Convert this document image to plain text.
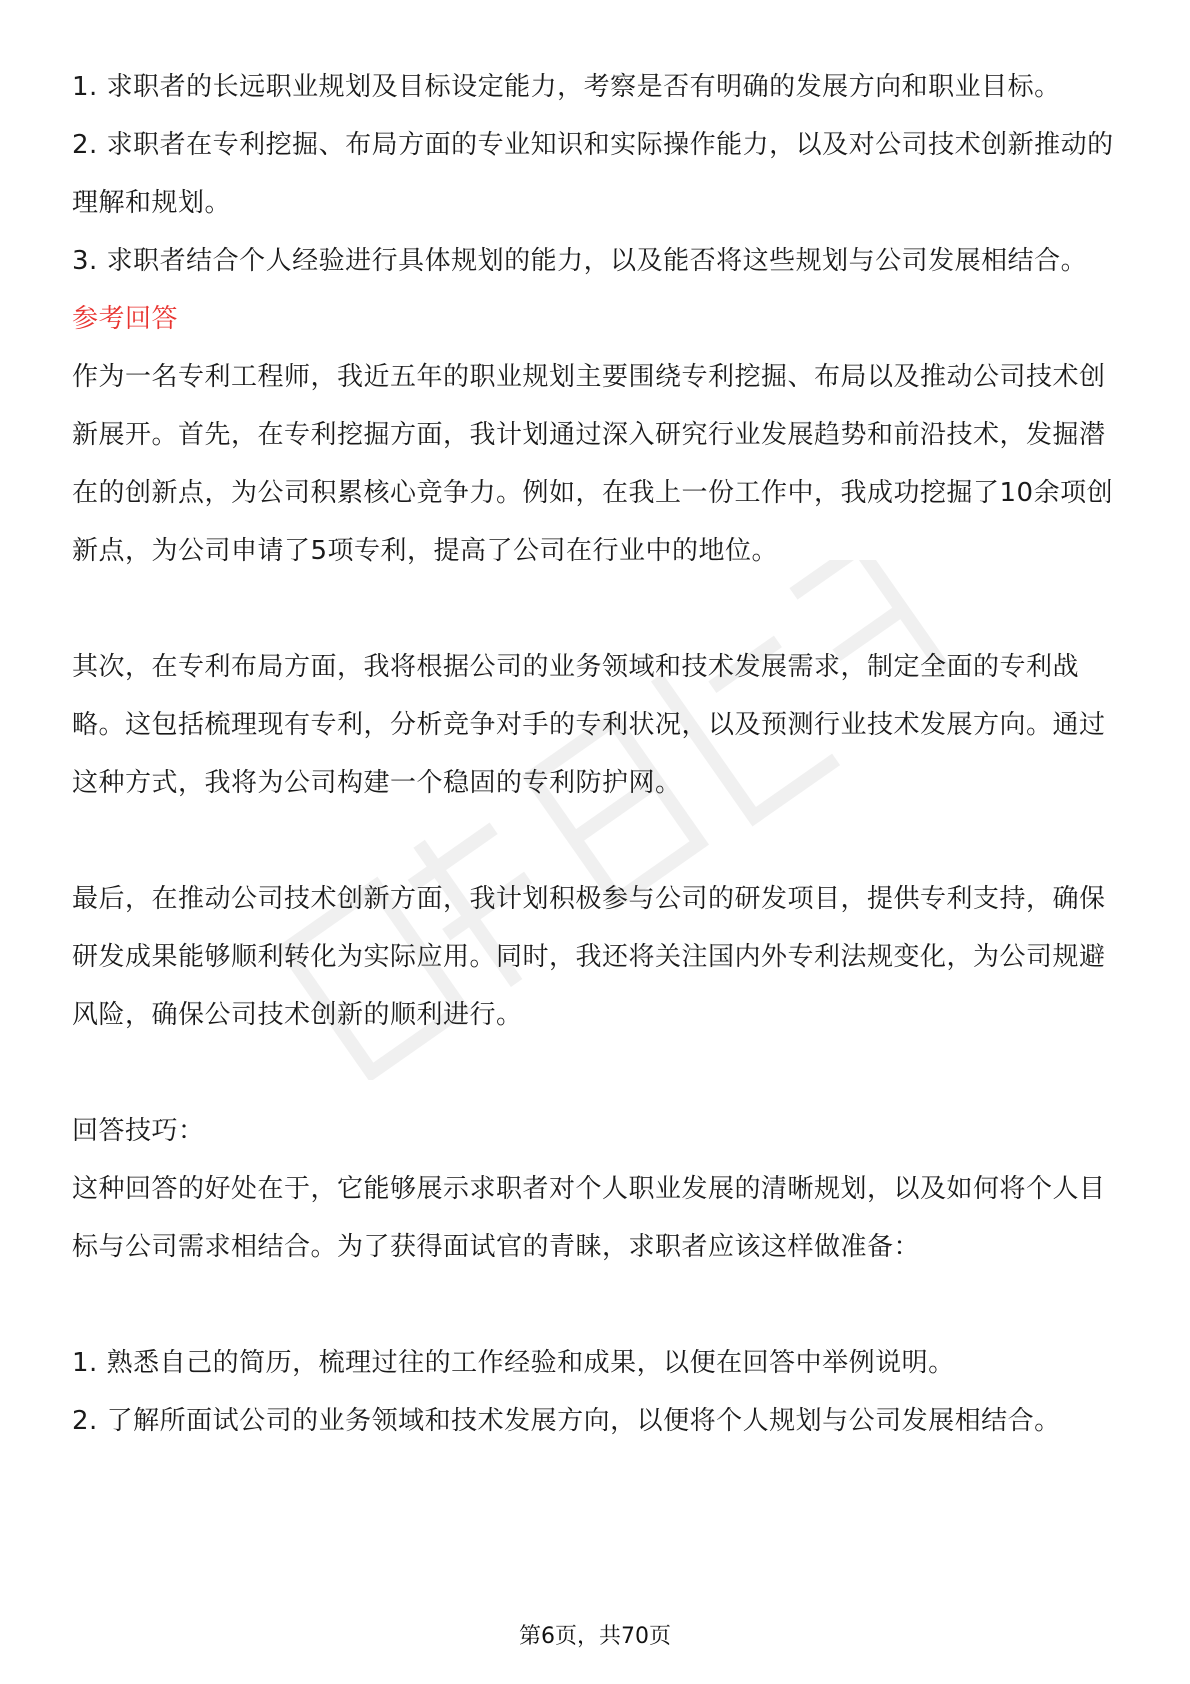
1. 求职者的长远职业规划及目标设定能力，考察是否有明确的发展方向和职业目标。

2. 求职者在专利挖掘、布局方面的专业知识和实际操作能力，以及对公司技术创新推动的理解和规划。

3. 求职者结合个人经验进行具体规划的能力，以及能否将这些规划与公司发展相结合。

参考回答

作为一名专利工程师，我近五年的职业规划主要围绕专利挖掘、布局以及推动公司技术创新展开。首先，在专利挖掘方面，我计划通过深入研究行业发展趋势和前沿技术，发掘潜在的创新点，为公司积累核心竞争力。例如，在我上一份工作中，我成功挖掘了10余项创新点，为公司申请了5项专利，提高了公司在行业中的地位。

其次，在专利布局方面，我将根据公司的业务领域和技术发展需求，制定全面的专利战略。这包括梳理现有专利，分析竞争对手的专利状况，以及预测行业技术发展方向。通过这种方式，我将为公司构建一个稳固的专利防护网。

最后，在推动公司技术创新方面，我计划积极参与公司的研发项目，提供专利支持，确保研发成果能够顺利转化为实际应用。同时，我还将关注国内外专利法规变化，为公司规避风险，确保公司技术创新的顺利进行。

回答技巧：

这种回答的好处在于，它能够展示求职者对个人职业发展的清晰规划，以及如何将个人目标与公司需求相结合。为了获得面试官的青睐，求职者应该这样做准备：

1. 熟悉自己的简历，梳理过往的工作经验和成果，以便在回答中举例说明。

2. 了解所面试公司的业务领域和技术发展方向，以便将个人规划与公司发展相结合。

第6页，共70页
